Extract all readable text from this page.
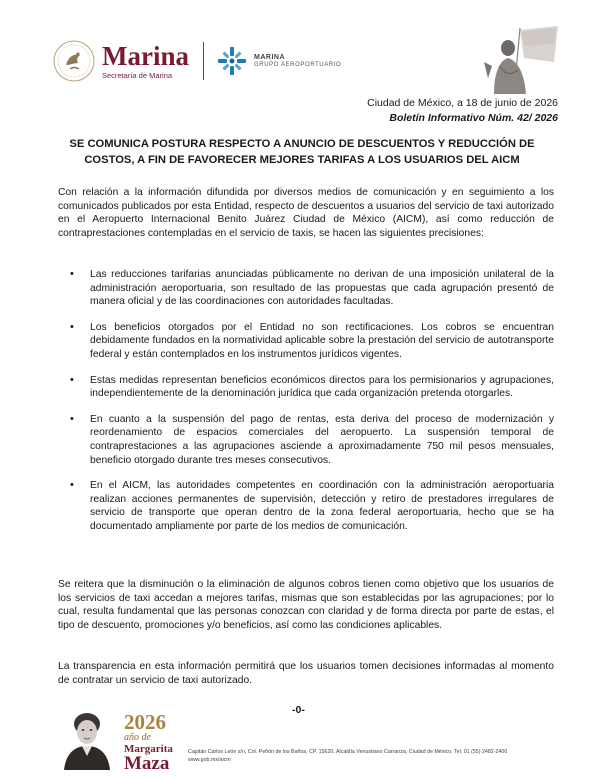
Marina
Secretaría de Marina
MARINA
GRUPO AEROPORTUARIO
Ciudad de México, a 18 de junio de 2026
Boletín Informativo Núm. 42/ 2026
SE COMUNICA POSTURA RESPECTO A ANUNCIO DE DESCUENTOS Y REDUCCIÓN DE COSTOS, A FIN DE FAVORECER MEJORES TARIFAS A LOS USUARIOS DEL AICM
Con relación a la información difundida por diversos medios de comunicación y en seguimiento a los comunicados publicados por esta Entidad, respecto de descuentos a usuarios del servicio de taxi autorizado en el Aeropuerto Internacional Benito Juárez Ciudad de México (AICM), así como reducción de contraprestaciones contempladas en el servicio de taxis, se hacen las siguientes precisiones:
• Las reducciones tarifarias anunciadas públicamente no derivan de una imposición unilateral de la administración aeroportuaria, son resultado de las propuestas que cada agrupación presentó de manera oficial y de las coordinaciones con autoridades facultadas.
• Los beneficios otorgados por el Entidad no son rectificaciones. Los cobros se encuentran debidamente fundados en la normatividad aplicable sobre la prestación del servicio de autotransporte federal y están contemplados en los instrumentos jurídicos vigentes.
• Estas medidas representan beneficios económicos directos para los permisionarios y agrupaciones, independientemente de la denominación jurídica que cada organización pretenda otorgarles.
• En cuanto a la suspensión del pago de rentas, esta deriva del proceso de modernización y reordenamiento de espacios comerciales del aeropuerto. La suspensión temporal de contraprestaciones a las agrupaciones asciende a aproximadamente 750 mil pesos mensuales, beneficio otorgado durante tres meses consecutivos.
• En el AICM, las autoridades competentes en coordinación con la administración aeroportuaria realizan acciones permanentes de supervisión, detección y retiro de prestadores irregulares de servicio de transporte que operan dentro de la zona federal aeroportuaria, hecho que se ha documentado ampliamente por parte de los medios de comunicación.
Se reitera que la disminución o la eliminación de algunos cobros tienen como objetivo que los usuarios de los servicios de taxi accedan a mejores tarifas, mismas que son establecidas por las agrupaciones; por lo cual, resulta fundamental que las personas conozcan con claridad y de forma directa por parte de estas, el tipo de descuento, promociones y/o beneficios, así como las condiciones aplicables.
La transparencia en esta información permitirá que los usuarios tomen decisiones informadas al momento de contratar un servicio de taxi autorizado.
-0-
2026
año de
Margarita
Maza
Capitán Carlos León s/n, Col. Peñón de los Baños, CP. 15620, Alcaldía Venustiano Carranza, Ciudad de México. Tel: 01 (55) 2482-2400
www.gob.mx/aicm
